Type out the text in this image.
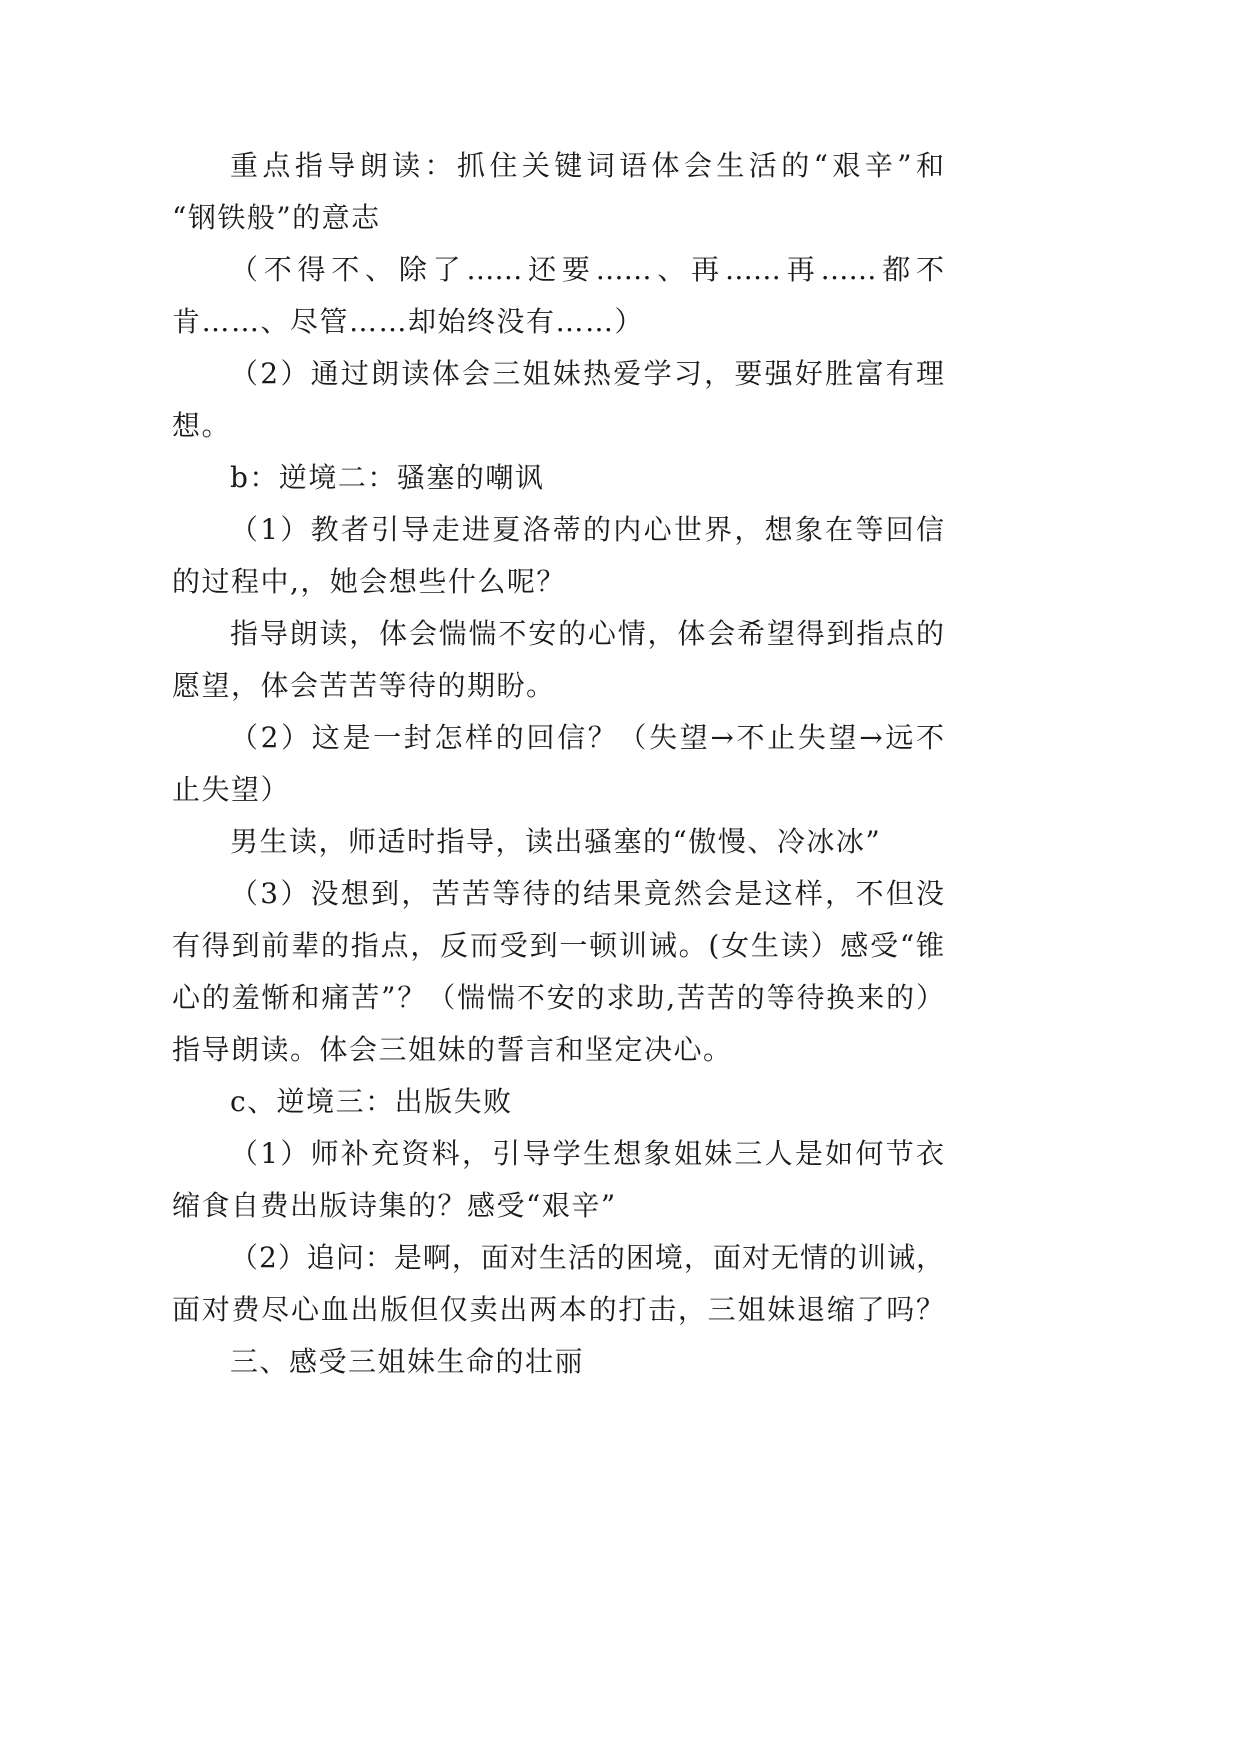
重点指导朗读：抓住关键词语体会生活的“艰辛”和
“钢铁般”的意志
（不得不、除了……还要……、再……再……都不
肯……、尽管……却始终没有……）
（2）通过朗读体会三姐妹热爱学习，要强好胜富有理
想。
b：逆境二：骚塞的嘲讽
（1）教者引导走进夏洛蒂的内心世界，想象在等回信
的过程中,，她会想些什么呢？
指导朗读，体会惴惴不安的心情，体会希望得到指点的
愿望，体会苦苦等待的期盼。
（2）这是一封怎样的回信？（失望→不止失望→远不
止失望）
男生读，师适时指导，读出骚塞的“傲慢、冷冰冰”
（3）没想到，苦苦等待的结果竟然会是这样，不但没
有得到前辈的指点，反而受到一顿训诫。(女生读）感受“锥
心的羞惭和痛苦”？（惴惴不安的求助,苦苦的等待换来的）
指导朗读。体会三姐妹的誓言和坚定决心。
c、逆境三：出版失败
（1）师补充资料，引导学生想象姐妹三人是如何节衣
缩食自费出版诗集的？感受“艰辛”
（2）追问：是啊，面对生活的困境，面对无情的训诫，
面对费尽心血出版但仅卖出两本的打击，三姐妹退缩了吗？
三、感受三姐妹生命的壮丽
